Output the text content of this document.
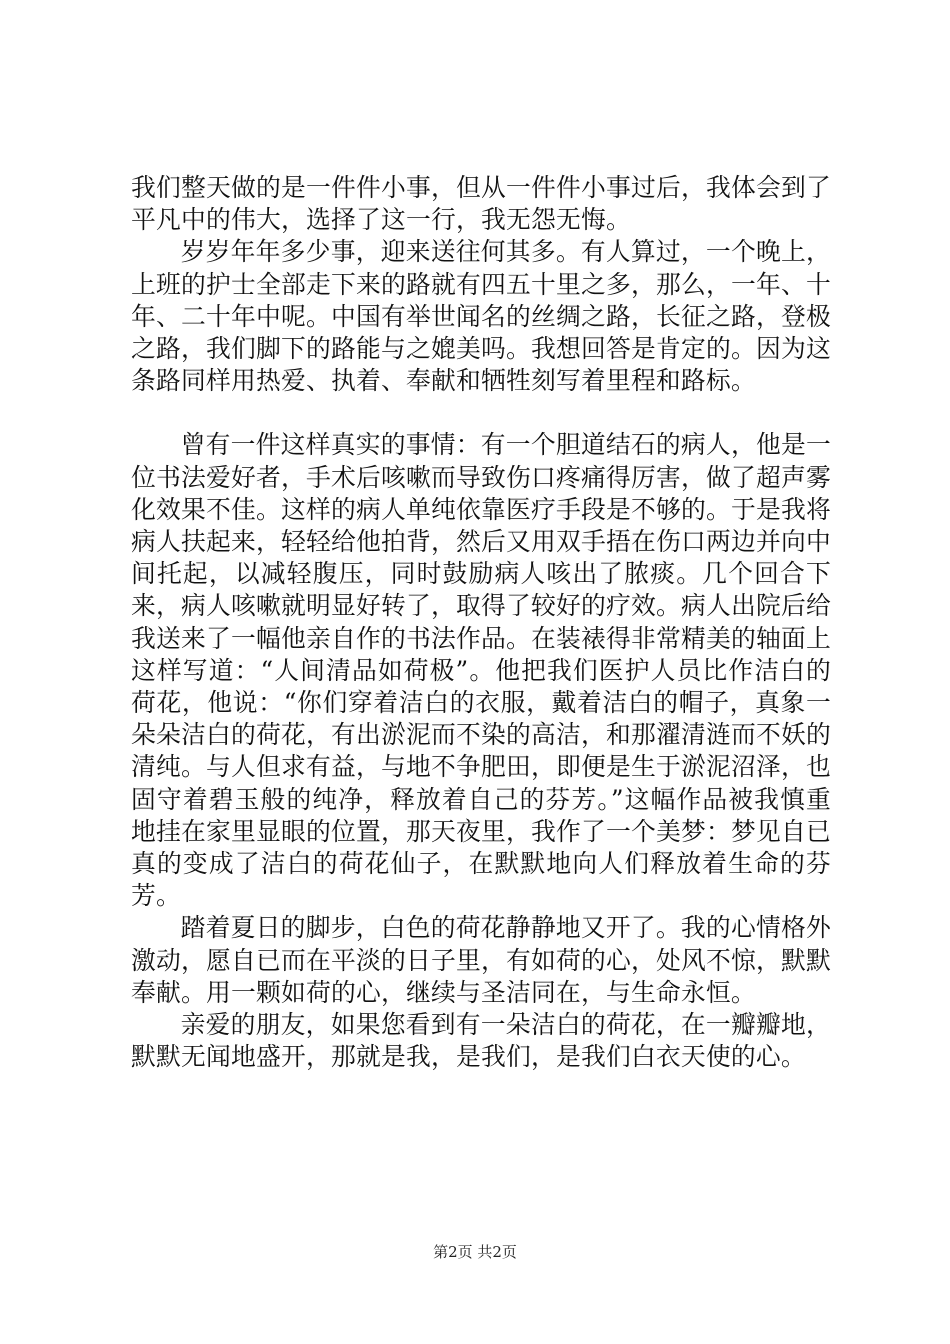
我们整天做的是一件件小事，但从一件件小事过后，我体会到了平凡中的伟大，选择了这一行，我无怨无悔。

岁岁年年多少事，迎来送往何其多。有人算过，一个晚上，上班的护士全部走下来的路就有四五十里之多，那么，一年、十年、二十年中呢。中国有举世闻名的丝绸之路，长征之路，登极之路，我们脚下的路能与之媲美吗。我想回答是肯定的。因为这条路同样用热爱、执着、奉献和牺牲刻写着里程和路标。

曾有一件这样真实的事情：有一个胆道结石的病人，他是一位书法爱好者，手术后咳嗽而导致伤口疼痛得厉害，做了超声雾化效果不佳。这样的病人单纯依靠医疗手段是不够的。于是我将病人扶起来，轻轻给他拍背，然后又用双手捂在伤口两边并向中间托起，以减轻腹压，同时鼓励病人咳出了脓痰。几个回合下来，病人咳嗽就明显好转了，取得了较好的疗效。病人出院后给我送来了一幅他亲自作的书法作品。在装裱得非常精美的轴面上这样写道：“人间清品如荷极”。他把我们医护人员比作洁白的荷花，他说：“你们穿着洁白的衣服，戴着洁白的帽子，真象一朵朵洁白的荷花，有出淤泥而不染的高洁，和那濯清涟而不妖的清纯。与人但求有益，与地不争肥田，即便是生于淤泥沼泽，也固守着碧玉般的纯净，释放着自己的芬芳。”这幅作品被我慎重地挂在家里显眼的位置，那天夜里，我作了一个美梦：梦见自已真的变成了洁白的荷花仙子，在默默地向人们释放着生命的芬芳。

踏着夏日的脚步，白色的荷花静静地又开了。我的心情格外激动，愿自已而在平淡的日子里，有如荷的心，处风不惊，默默奉献。用一颗如荷的心，继续与圣洁同在，与生命永恒。

亲爱的朋友，如果您看到有一朵洁白的荷花，在一瓣瓣地，默默无闻地盛开，那就是我，是我们，是我们白衣天使的心。

第2页 共2页
